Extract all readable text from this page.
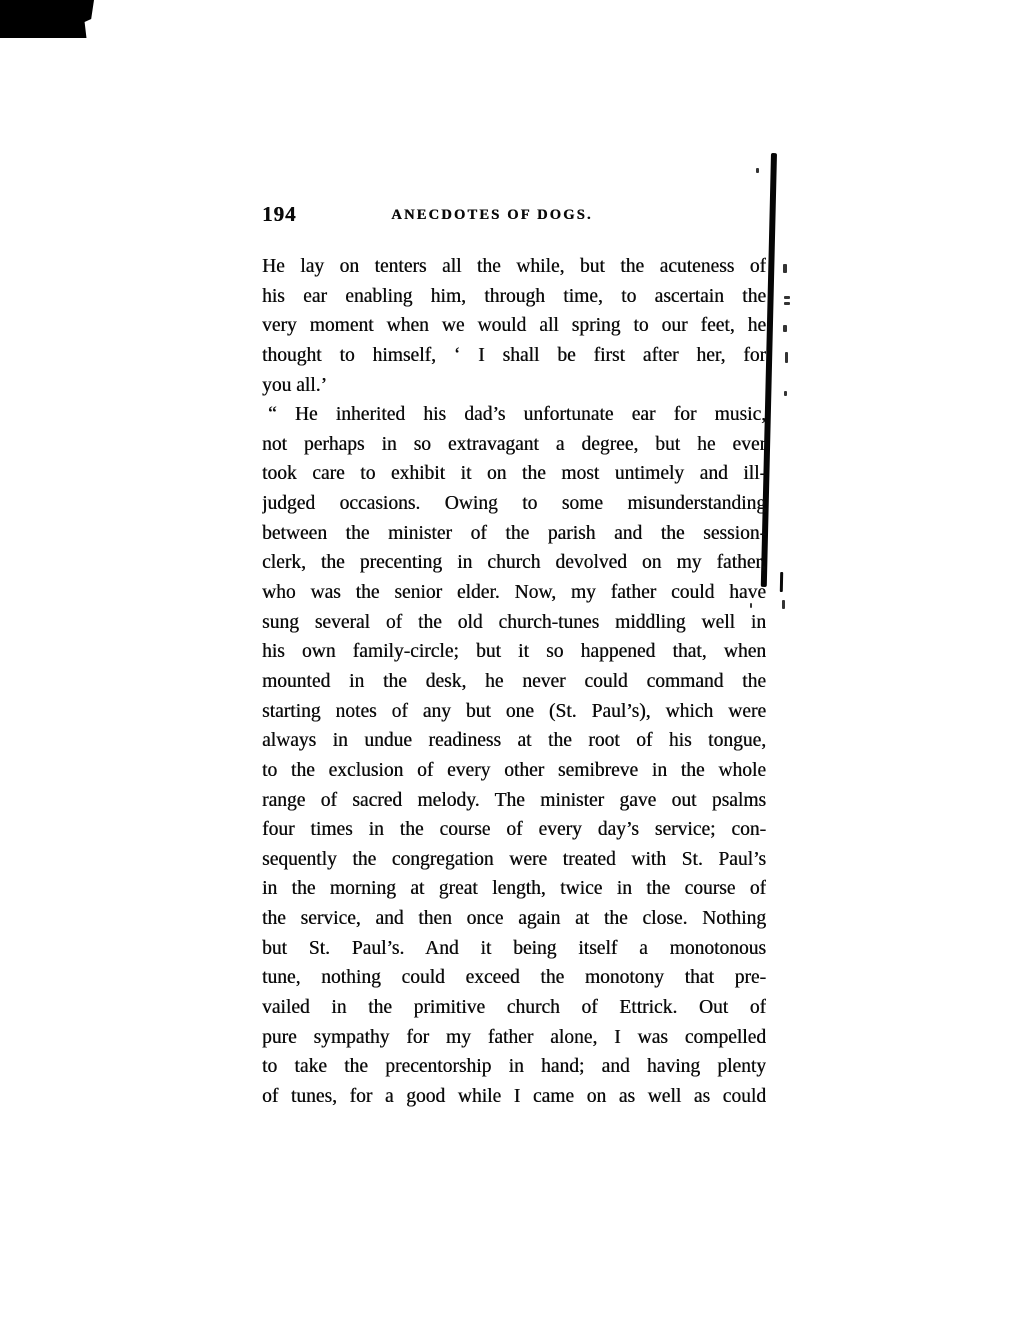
194	ANECDOTES OF DOGS.
He lay on tenters all the while, but the acuteness of
his ear enabling him, through time, to ascertain the
very moment when we would all spring to our feet, he
thought to himself, ‘ I shall be first after her, for
you all.’
“ He inherited his dad’s unfortunate ear for music,
not perhaps in so extravagant a degree, but he ever
took care to exhibit it on the most untimely and ill-
judged occasions. Owing to some misunderstanding
between the minister of the parish and the session-
clerk, the precenting in church devolved on my father,
who was the senior elder. Now, my father could have
sung several of the old church-tunes middling well in
his own family-circle; but it so happened that, when
mounted in the desk, he never could command the
starting notes of any but one (St. Paul’s), which were
always in undue readiness at the root of his tongue,
to the exclusion of every other semibreve in the whole
range of sacred melody. The minister gave out psalms
four times in the course of every day’s service; con-
sequently the congregation were treated with St. Paul’s
in the morning at great length, twice in the course of
the service, and then once again at the close. Nothing
but St. Paul’s. And it being itself a monotonous
tune, nothing could exceed the monotony that pre-
vailed in the primitive church of Ettrick. Out of
pure sympathy for my father alone, I was compelled
to take the precentorship in hand; and having plenty
of tunes, for a good while I came on as well as could
